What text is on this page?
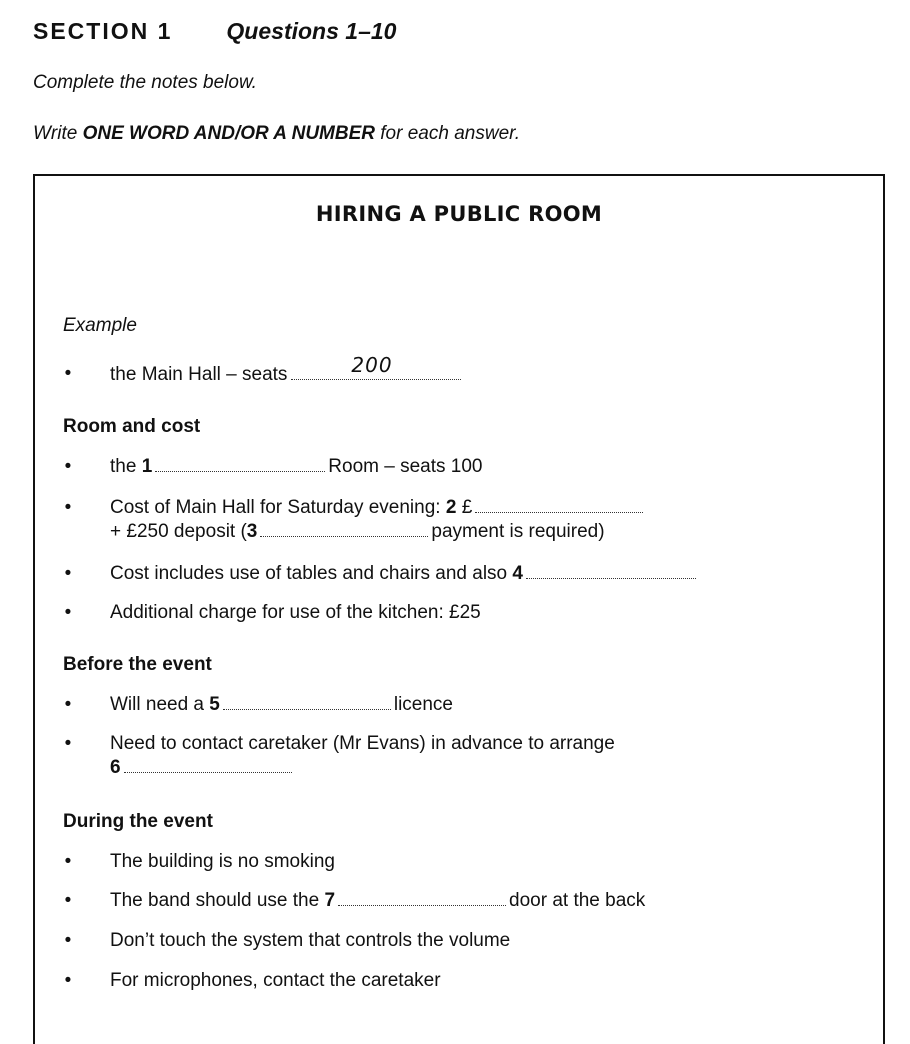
SECTION 1 Questions 1–10
Complete the notes below.
Write ONE WORD AND/OR A NUMBER for each answer.
HIRING A PUBLIC ROOM
Example
• the Main Hall – seats	200
Room and cost
• the 1	Room – seats 100
• Cost of Main Hall for Saturday evening: 2 £
+ £250 deposit (3	payment is required)
• Cost includes use of tables and chairs and also 4
• Additional charge for use of the kitchen: £25
Before the event
• Will need a 5	licence
• Need to contact caretaker (Mr Evans) in advance to arrange
6
During the event
• The building is no smoking
• The band should use the 7	door at the back
• Don’t touch the system that controls the volume
• For microphones, contact the caretaker
